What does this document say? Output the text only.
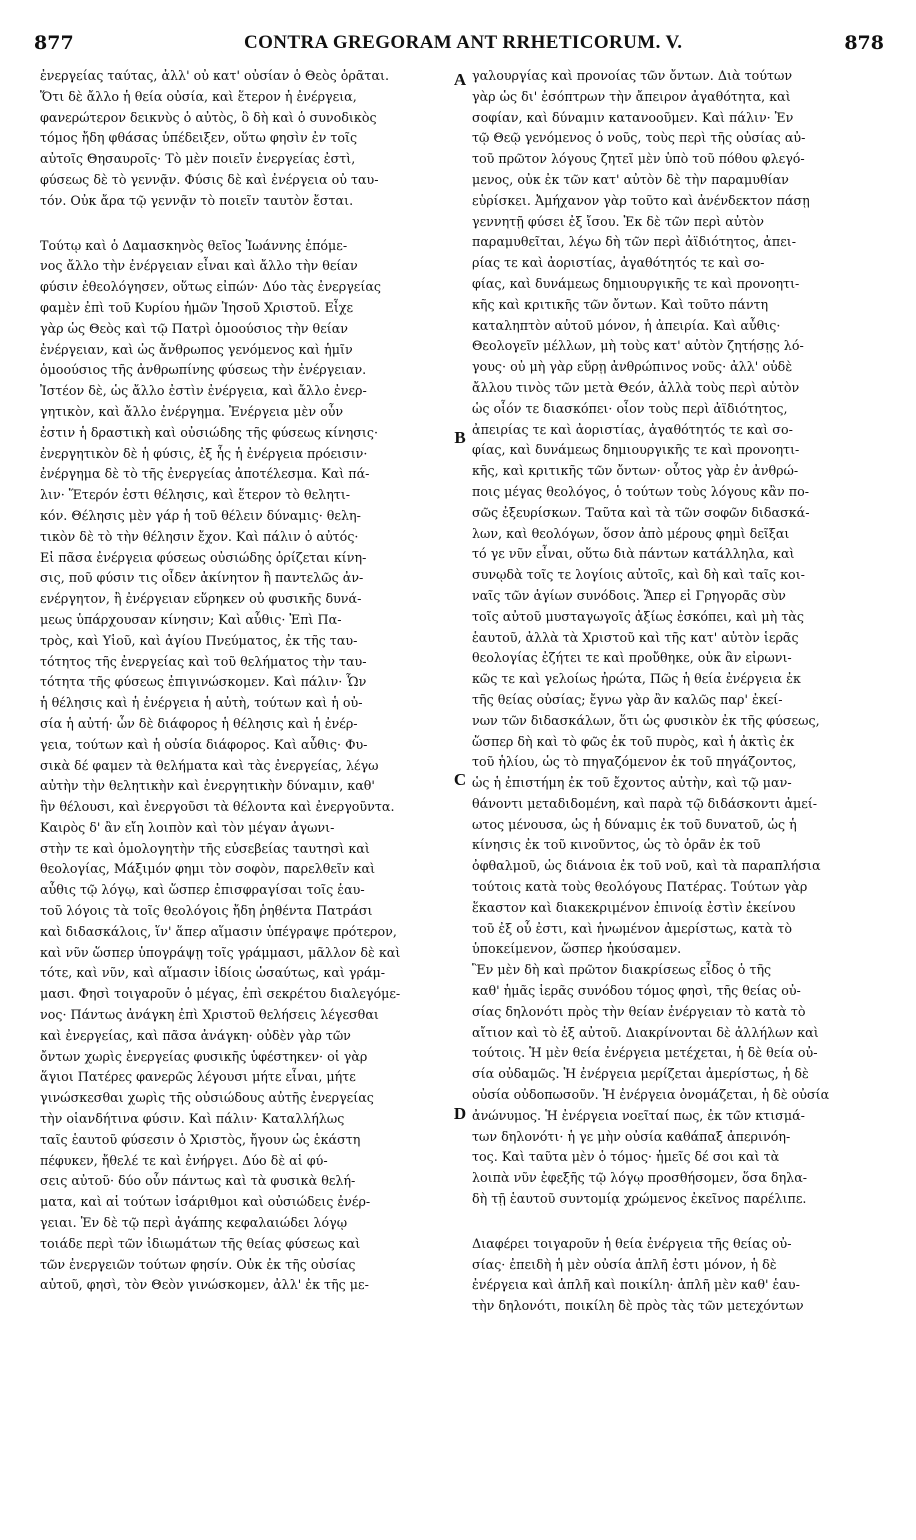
877	CONTRA GREGORAM ANT RRHETICORUM. V.	878
ἐνεργείας ταύτας, ἀλλ' οὐ κατ' οὐσίαν ὁ Θεὸς ὁρᾶται.
Ὅτι δὲ ἄλλο ἡ θεία οὐσία, καὶ ἕτερον ἡ ἐνέργεια,
φανερώτερον δεικνὺς ὁ αὐτὸς, ὃ δὴ καὶ ὁ συνοδικὸς
τόμος ἤδη φθάσας ὑπέδειξεν, οὕτω φησὶν ἐν τοῖς
αὐτοῖς Θησαυροῖς· Τὸ μὲν ποιεῖν ἐνεργείας ἐστὶ,
φύσεως δὲ τὸ γεννᾷν. Φύσις δὲ καὶ ἐνέργεια οὐ ταυ-
τόν. Οὐκ ἄρα τῷ γεννᾷν τὸ ποιεῖν ταυτὸν ἔσται.
Τούτῳ καὶ ὁ Δαμασκηνὸς θεῖος Ἰωάννης ἑπόμε-
νος ἄλλο τὴν ἐνέργειαν εἶναι καὶ ἄλλο τὴν θείαν
φύσιν ἐθεολόγησεν, οὕτως εἰπών· Δύο τὰς ἐνεργείας
φαμὲν ἐπὶ τοῦ Κυρίου ἡμῶν Ἰησοῦ Χριστοῦ. Εἶχε
γὰρ ὡς Θεὸς καὶ τῷ Πατρὶ ὁμοούσιος τὴν θείαν
ἐνέργειαν, καὶ ὡς ἄνθρωπος γενόμενος καὶ ἡμῖν
ὁμοούσιος τῆς ἀνθρωπίνης φύσεως τὴν ἐνέργειαν.
Ἰστέον δὲ, ὡς ἄλλο ἐστὶν ἐνέργεια, καὶ ἄλλο ἐνερ-
γητικὸν, καὶ ἄλλο ἐνέργημα. Ἐνέργεια μὲν οὖν
ἐστιν ἡ δραστικὴ καὶ οὐσιώδης τῆς φύσεως κίνησις·
ἐνεργητικὸν δὲ ἡ φύσις, ἐξ ἧς ἡ ἐνέργεια πρόεισιν·
ἐνέργημα δὲ τὸ τῆς ἐνεργείας ἀποτέλεσμα. Καὶ πά-
λιν· Ἕτερόν ἐστι θέλησις, καὶ ἕτερον τὸ θελητι-
κόν. Θέλησις μὲν γάρ ἡ τοῦ θέλειν δύναμις· θελη-
τικὸν δὲ τὸ τὴν θέλησιν ἔχον. Καὶ πάλιν ὁ αὐτός·
Εἰ πᾶσα ἐνέργεια φύσεως οὐσιώδης ὁρίζεται κίνη-
σις, ποῦ φύσιν τις οἶδεν ἀκίνητον ἢ παντελῶς ἀν-
ενέργητον, ἢ ἐνέργειαν εὕρηκεν οὐ φυσικῆς δυνά-
μεως ὑπάρχουσαν κίνησιν; Καὶ αὖθις· Ἐπὶ Πα-
τρὸς, καὶ Υἱοῦ, καὶ ἁγίου Πνεύματος, ἐκ τῆς ταυ-
τότητος τῆς ἐνεργείας καὶ τοῦ θελήματος τὴν ταυ-
τότητα τῆς φύσεως ἐπιγινώσκομεν. Καὶ πάλιν· Ὧν
ἡ θέλησις καὶ ἡ ἐνέργεια ἡ αὐτὴ, τούτων καὶ ἡ οὐ-
σία ἡ αὐτή· ὧν δὲ διάφορος ἡ θέλησις καὶ ἡ ἐνέρ-
γεια, τούτων καὶ ἡ οὐσία διάφορος. Καὶ αὖθις· Φυ-
σικὰ δέ φαμεν τὰ θελήματα καὶ τὰς ἐνεργείας, λέγω
αὐτὴν τὴν θελητικὴν καὶ ἐνεργητικὴν δύναμιν, καθ'
ἣν θέλουσι, καὶ ἐνεργοῦσι τὰ θέλοντα καὶ ἐνεργοῦντα.
Καιρὸς δ' ἂν εἴη λοιπὸν καὶ τὸν μέγαν ἀγωνι-
στὴν τε καὶ ὁμολογητὴν τῆς εὐσεβείας ταυτησὶ καὶ
θεολογίας, Μάξιμόν φημι τὸν σοφὸν, παρελθεῖν καὶ
αὖθις τῷ λόγῳ, καὶ ὥσπερ ἐπισφραγίσαι τοῖς ἑαυ-
τοῦ λόγοις τὰ τοῖς θεολόγοις ἤδη ῥηθέντα Πατράσι
καὶ διδασκάλοις, ἵν' ἅπερ αἵμασιν ὑπέγραψε πρότερον,
καὶ νῦν ὥσπερ ὑπογράψῃ τοῖς γράμμασι, μᾶλλον δὲ καὶ
τότε, καὶ νῦν, καὶ αἵμασιν ἰδίοις ὡσαύτως, καὶ γράμ-
μασι. Φησὶ τοιγαροῦν ὁ μέγας, ἐπὶ σεκρέτου διαλεγόμε-
νος· Πάντως ἀνάγκη ἐπὶ Χριστοῦ θελήσεις λέγεσθαι
καὶ ἐνεργείας, καὶ πᾶσα ἀνάγκη· οὐδὲν γὰρ τῶν
ὄντων χωρὶς ἐνεργείας φυσικῆς ὑφέστηκεν· οἱ γὰρ
ἅγιοι Πατέρες φανερῶς λέγουσι μήτε εἶναι, μήτε
γινώσκεσθαι χωρὶς τῆς οὐσιώδους αὐτῆς ἐνεργείας
τὴν οἱανδήτινα φύσιν. Καὶ πάλιν· Καταλλήλως
ταῖς ἑαυτοῦ φύσεσιν ὁ Χριστὸς, ἤγουν ὡς ἑκάστη
πέφυκεν, ἤθελέ τε καὶ ἐνήργει. Δύο δὲ αἱ φύ-
σεις αὐτοῦ· δύο οὖν πάντως καὶ τὰ φυσικὰ θελή-
ματα, καὶ αἱ τούτων ἰσάριθμοι καὶ οὐσιώδεις ἐνέρ-
γειαι. Ἐν δὲ τῷ περὶ ἀγάπης κεφαλαιώδει λόγῳ
τοιάδε περὶ τῶν ἰδιωμάτων τῆς θείας φύσεως καὶ
τῶν ἐνεργειῶν τούτων φησίν. Οὐκ ἐκ τῆς οὐσίας
αὐτοῦ, φησὶ, τὸν Θεὸν γινώσκομεν, ἀλλ' ἐκ τῆς με-
γαλουργίας καὶ προνοίας τῶν ὄντων. Διὰ τούτων
γὰρ ὡς δι' ἐσόπτρων τὴν ἄπειρον ἀγαθότητα, καὶ
σοφίαν, καὶ δύναμιν κατανοοῦμεν. Καὶ πάλιν· Ἐν
τῷ Θεῷ γενόμενος ὁ νοῦς, τοὺς περὶ τῆς οὐσίας αὐ-
τοῦ πρῶτον λόγους ζητεῖ μὲν ὑπὸ τοῦ πόθου φλεγό-
μενος, οὐκ ἐκ τῶν κατ' αὐτὸν δὲ τὴν παραμυθίαν
εὑρίσκει. Ἀμήχανον γὰρ τοῦτο καὶ ἀνένδεκτον πάσῃ
γεννητῇ φύσει ἐξ ἴσου. Ἐκ δὲ τῶν περὶ αὐτὸν
παραμυθεῖται, λέγω δὴ τῶν περὶ ἀϊδιότητος, ἀπει-
ρίας τε καὶ ἀοριστίας, ἀγαθότητός τε καὶ σο-
φίας, καὶ δυνάμεως δημιουργικῆς τε καὶ προνοητι-
κῆς καὶ κριτικῆς τῶν ὄντων. Καὶ τοῦτο πάντη
καταληπτὸν αὐτοῦ μόνον, ἡ ἀπειρία. Καὶ αὖθις·
Θεολογεῖν μέλλων, μὴ τοὺς κατ' αὐτὸν ζητήσῃς λό-
γους· οὐ μὴ γὰρ εὕρῃ ἀνθρώπινος νοῦς· ἀλλ' οὐδὲ
ἄλλου τινὸς τῶν μετὰ Θεόν, ἀλλὰ τοὺς περὶ αὐτὸν
ὡς οἷόν τε διασκόπει· οἷον τοὺς περὶ ἀϊδιότητος,
ἀπειρίας τε καὶ ἀοριστίας, ἀγαθότητός τε καὶ σο-
φίας, καὶ δυνάμεως δημιουργικῆς τε καὶ προνοητι-
κῆς, καὶ κριτικῆς τῶν ὄντων· οὗτος γὰρ ἐν ἀνθρώ-
ποις μέγας θεολόγος, ὁ τούτων τοὺς λόγους κἂν πο-
σῶς ἐξευρίσκων. Ταῦτα καὶ τὰ τῶν σοφῶν διδασκά-
λων, καὶ θεολόγων, ὅσον ἀπὸ μέρους φημὶ δεῖξαι
τό γε νῦν εἶναι, οὕτω διὰ πάντων κατάλληλα, καὶ
συνῳδὰ τοῖς τε λογίοις αὐτοῖς, καὶ δὴ καὶ ταῖς κοι-
ναῖς τῶν ἁγίων συνόδοις. Ἅπερ εἰ Γρηγορᾶς σὺν
τοῖς αὐτοῦ μυσταγωγοῖς ἀξίως ἐσκόπει, καὶ μὴ τὰς
ἑαυτοῦ, ἀλλὰ τὰ Χριστοῦ καὶ τῆς κατ' αὐτὸν ἱερᾶς
θεολογίας ἐζήτει τε καὶ προὔθηκε, οὐκ ἂν εἰρωνι-
κῶς τε καὶ γελοίως ἠρώτα, Πῶς ἡ θεία ἐνέργεια ἐκ
τῆς θείας οὐσίας; ἔγνω γὰρ ἂν καλῶς παρ' ἐκεί-
νων τῶν διδασκάλων, ὅτι ὡς φυσικὸν ἐκ τῆς φύσεως,
ὥσπερ δὴ καὶ τὸ φῶς ἐκ τοῦ πυρὸς, καὶ ἡ ἀκτὶς ἐκ
τοῦ ἡλίου, ὡς τὸ πηγαζόμενον ἐκ τοῦ πηγάζοντος,
ὡς ἡ ἐπιστήμη ἐκ τοῦ ἔχοντος αὐτὴν, καὶ τῷ μαν-
θάνοντι μεταδιδομένη, καὶ παρὰ τῷ διδάσκοντι ἀμεί-
ωτος μένουσα, ὡς ἡ δύναμις ἐκ τοῦ δυνατοῦ, ὡς ἡ
κίνησις ἐκ τοῦ κινοῦντος, ὡς τὸ ὁρᾶν ἐκ τοῦ
ὀφθαλμοῦ, ὡς διάνοια ἐκ τοῦ νοῦ, καὶ τὰ παραπλήσια
τούτοις κατὰ τοὺς θεολόγους Πατέρας. Τούτων γὰρ
ἕκαστον καὶ διακεκριμένον ἐπινοίᾳ ἐστὶν ἐκείνου
τοῦ ἐξ οὗ ἐστι, καὶ ἡνωμένον ἀμερίστως, κατὰ τὸ
ὑποκείμενον, ὥσπερ ἠκούσαμεν.
Ἓν μὲν δὴ καὶ πρῶτον διακρίσεως εἶδος ὁ τῆς
καθ' ἡμᾶς ἱερᾶς συνόδου τόμος φησὶ, τῆς θείας οὐ-
σίας δηλονότι πρὸς τὴν θείαν ἐνέργειαν τὸ κατὰ τὸ
αἴτιον καὶ τὸ ἐξ αὐτοῦ. Διακρίνονται δὲ ἀλλήλων καὶ
τούτοις. Ἡ μὲν θεία ἐνέργεια μετέχεται, ἡ δὲ θεία οὐ-
σία οὐδαμῶς. Ἡ ἐνέργεια μερίζεται ἀμερίστως, ἡ δὲ
οὐσία οὐδοπωσοῦν. Ἡ ἐνέργεια ὀνομάζεται, ἡ δὲ οὐσία
ἀνώνυμος. Ἡ ἐνέργεια νοεῖταί πως, ἐκ τῶν κτισμά-
των δηλονότι· ἡ γε μὴν οὐσία καθάπαξ ἀπερινόη-
τος. Καὶ ταῦτα μὲν ὁ τόμος· ἡμεῖς δέ σοι καὶ τὰ
λοιπὰ νῦν ἐφεξῆς τῷ λόγῳ προσθήσομεν, ὅσα δηλα-
δὴ τῇ ἑαυτοῦ συντομίᾳ χρώμενος ἐκεῖνος παρέλιπε.
Διαφέρει τοιγαροῦν ἡ θεία ἐνέργεια τῆς θείας οὐ-
σίας· ἐπειδὴ ἡ μὲν οὐσία ἁπλῆ ἐστι μόνον, ἡ δὲ
ἐνέργεια καὶ ἁπλῆ καὶ ποικίλη· ἁπλῆ μὲν καθ' ἑαυ-
τὴν δηλονότι, ποικίλη δὲ πρὸς τὰς τῶν μετεχόντων
A
B
C
D
